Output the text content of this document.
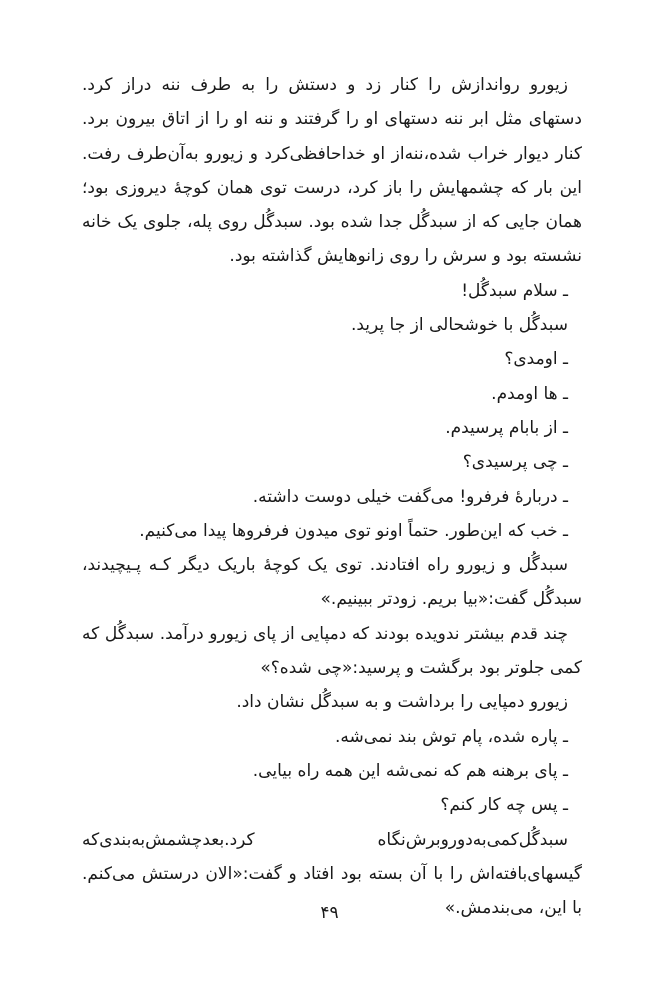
زیورو رواندازش را کنار زد و دستش را به طرف ننه دراز کرد. دستهای مثل ابر ننه دستهای او را گرفتند و ننه او را از اتاق بیرون برد. کنار دیوار خراب شده،ننه‌از او خداحافظی‌کرد و زیورو به‌آن‌طرف رفت. این بار که چشمهایش را باز کرد، درست توی همان کوچهٔ دیروزی بود؛ همان جایی که از سبدگُل جدا شده بود. سبدگُل روی پله، جلوی یک خانه نشسته بود و سرش را روی زانوهایش گذاشته بود.

ـ سلام سبدگُل!

سبدگُل با خوشحالی از جا پرید.

ـ اومدی؟

ـ ها اومدم.

ـ از بابام پرسیدم.

ـ چی پرسیدی؟

ـ دربارهٔ فرفرو! می‌گفت خیلی دوست داشته.

ـ خب که این‌طور. حتماً اونو توی میدون فرفروها پیدا می‌کنیم.

سبدگُل و زیورو راه افتادند. توی یک کوچهٔ باریک دیگر کـه پـیچیدند، سبدگُل گفت:«بیا بریم. زودتر ببینیم.»

چند قدم بیشتر ندویده بودند که دمپایی از پای زیورو درآمد. سبدگُل که کمی جلوتر بود برگشت و پرسید:«چی شده؟»

زیورو دمپایی را برداشت و به سبدگُل نشان داد.

ـ پاره شده، پام توش بند نمی‌شه.

ـ پای برهنه هم که نمی‌شه این همه راه بیایی.

ـ پس چه کار کنم؟

سبدگُل‌کمی‌به‌دوروبرش‌نگاه کرد.بعدچشمش‌به‌بندی‌که گیسهای‌بافته‌اش را با آن بسته بود افتاد و گفت:«الان درستش می‌کنم. با این، می‌بندمش.»

۴۹
